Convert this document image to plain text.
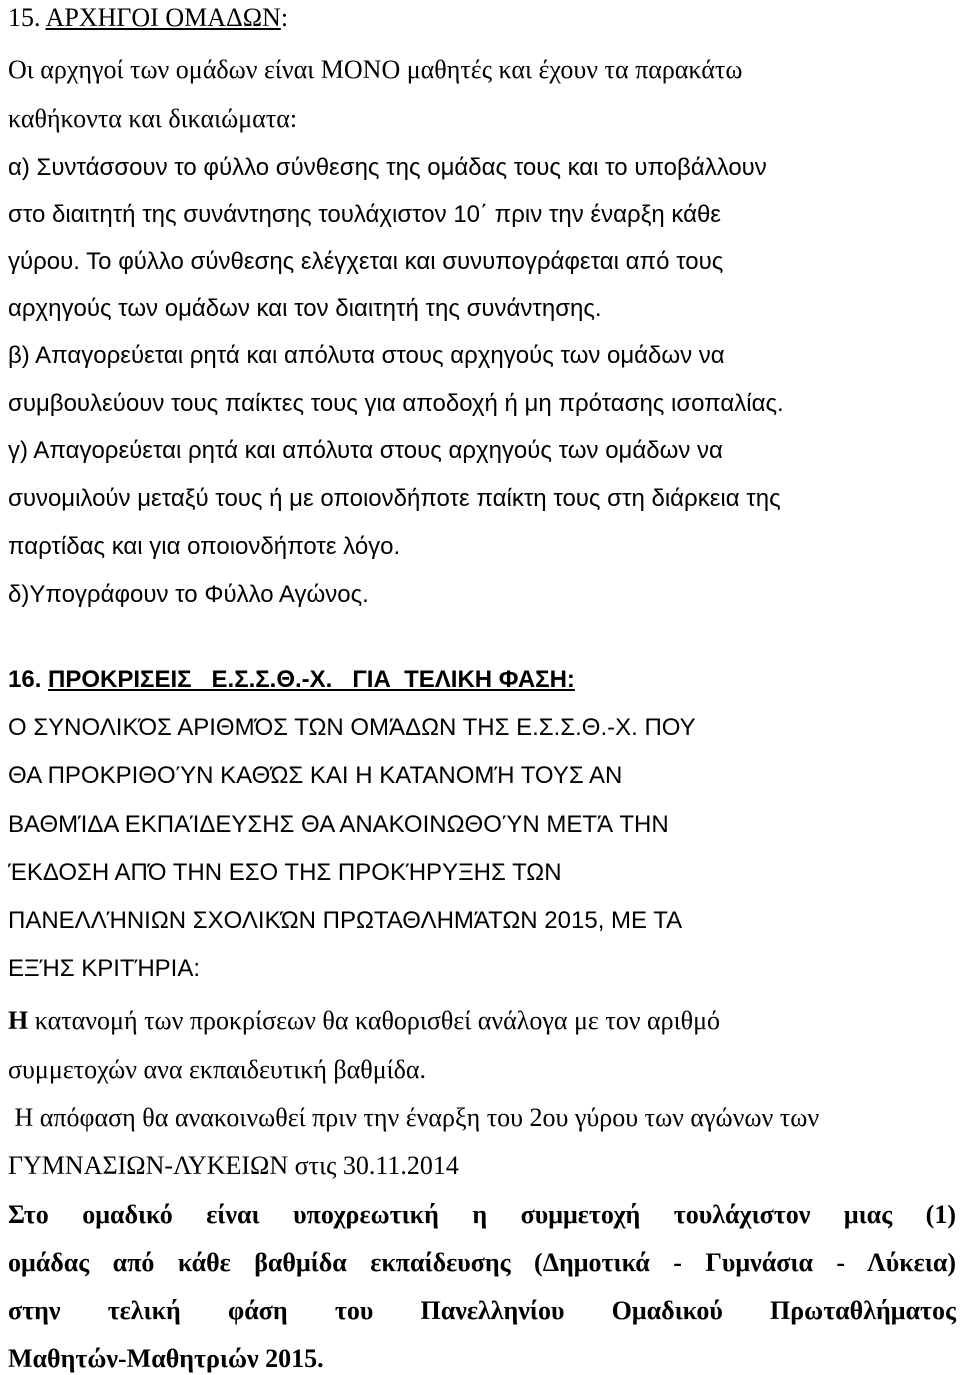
15. ΑΡΧΗΓΟΙ ΟΜΑΔΩΝ:
Οι αρχηγοί των ομάδων είναι ΜΟΝΟ μαθητές και έχουν τα παρακάτω
καθήκοντα και δικαιώματα:
α) Συντάσσουν το φύλλο σύνθεσης της ομάδας τους και το υποβάλλουν
στο διαιτητή της συνάντησης τουλάχιστον 10΄ πριν την έναρξη κάθε
γύρου. Το φύλλο σύνθεσης ελέγχεται και συνυπογράφεται από τους
αρχηγούς των ομάδων και τον διαιτητή της συνάντησης.
β) Απαγορεύεται ρητά και απόλυτα στους αρχηγούς των ομάδων να
συμβουλεύουν τους παίκτες τους για αποδοχή ή μη πρότασης ισοπαλίας.
γ) Απαγορεύεται ρητά και απόλυτα στους αρχηγούς των ομάδων να
συνομιλούν μεταξύ τους ή με οποιονδήποτε παίκτη τους στη διάρκεια της
παρτίδας και για οποιονδήποτε λόγο.
δ)Υπογράφουν το Φύλλο Αγώνος.
16. ΠΡΟΚΡΙΣΕΙΣ   Ε.Σ.Σ.Θ.-Χ.   ΓΙΑ  ΤΕΛΙΚΗ ΦΑΣΗ:
Ο ΣΥΝΟΛΙΚΌΣ ΑΡΙΘΜΌΣ ΤΩΝ ΟΜΆΔΩΝ ΤΗΣ Ε.Σ.Σ.Θ.-Χ. ΠΟΥ
ΘΑ ΠΡΟΚΡΙΘΟΎΝ ΚΑΘΏΣ ΚΑΙ Η ΚΑΤΑΝΟΜΉ ΤΟΥΣ ΑΝ
ΒΑΘΜΊΔΑ ΕΚΠΑΊΔΕΥΣΗΣ ΘΑ ΑΝΑΚΟΙΝΩΘΟΎΝ ΜΕΤΆ ΤΗΝ
ΈΚΔΟΣΗ ΑΠΌ ΤΗΝ ΕΣΟ ΤΗΣ ΠΡΟΚΉΡΥΞΗΣ ΤΩΝ
ΠΑΝΕΛΛΉΝΙΩΝ ΣΧΟΛΙΚΏΝ ΠΡΩΤΑΘΛΗΜΆΤΩΝ 2015, ΜΕ ΤΑ
ΕΞΉΣ ΚΡΙΤΉΡΙΑ:
Η κατανομή των προκρίσεων θα καθορισθεί ανάλογα με τον αριθμό
συμμετοχών ανα εκπαιδευτική βαθμίδα.
Η απόφαση θα ανακοινωθεί πριν την έναρξη του 2ου γύρου των αγώνων των
ΓΥΜΝΑΣΙΩΝ-ΛΥΚΕΙΩΝ στις 30.11.2014
Στο ομαδικό είναι υποχρεωτική η συμμετοχή τουλάχιστον μιας (1)
ομάδας από κάθε βαθμίδα εκπαίδευσης (Δημοτικά - Γυμνάσια - Λύκεια)
στην τελική φάση του Πανελληνίου Ομαδικού Πρωταθλήματος
Μαθητών-Μαθητριών 2015.
